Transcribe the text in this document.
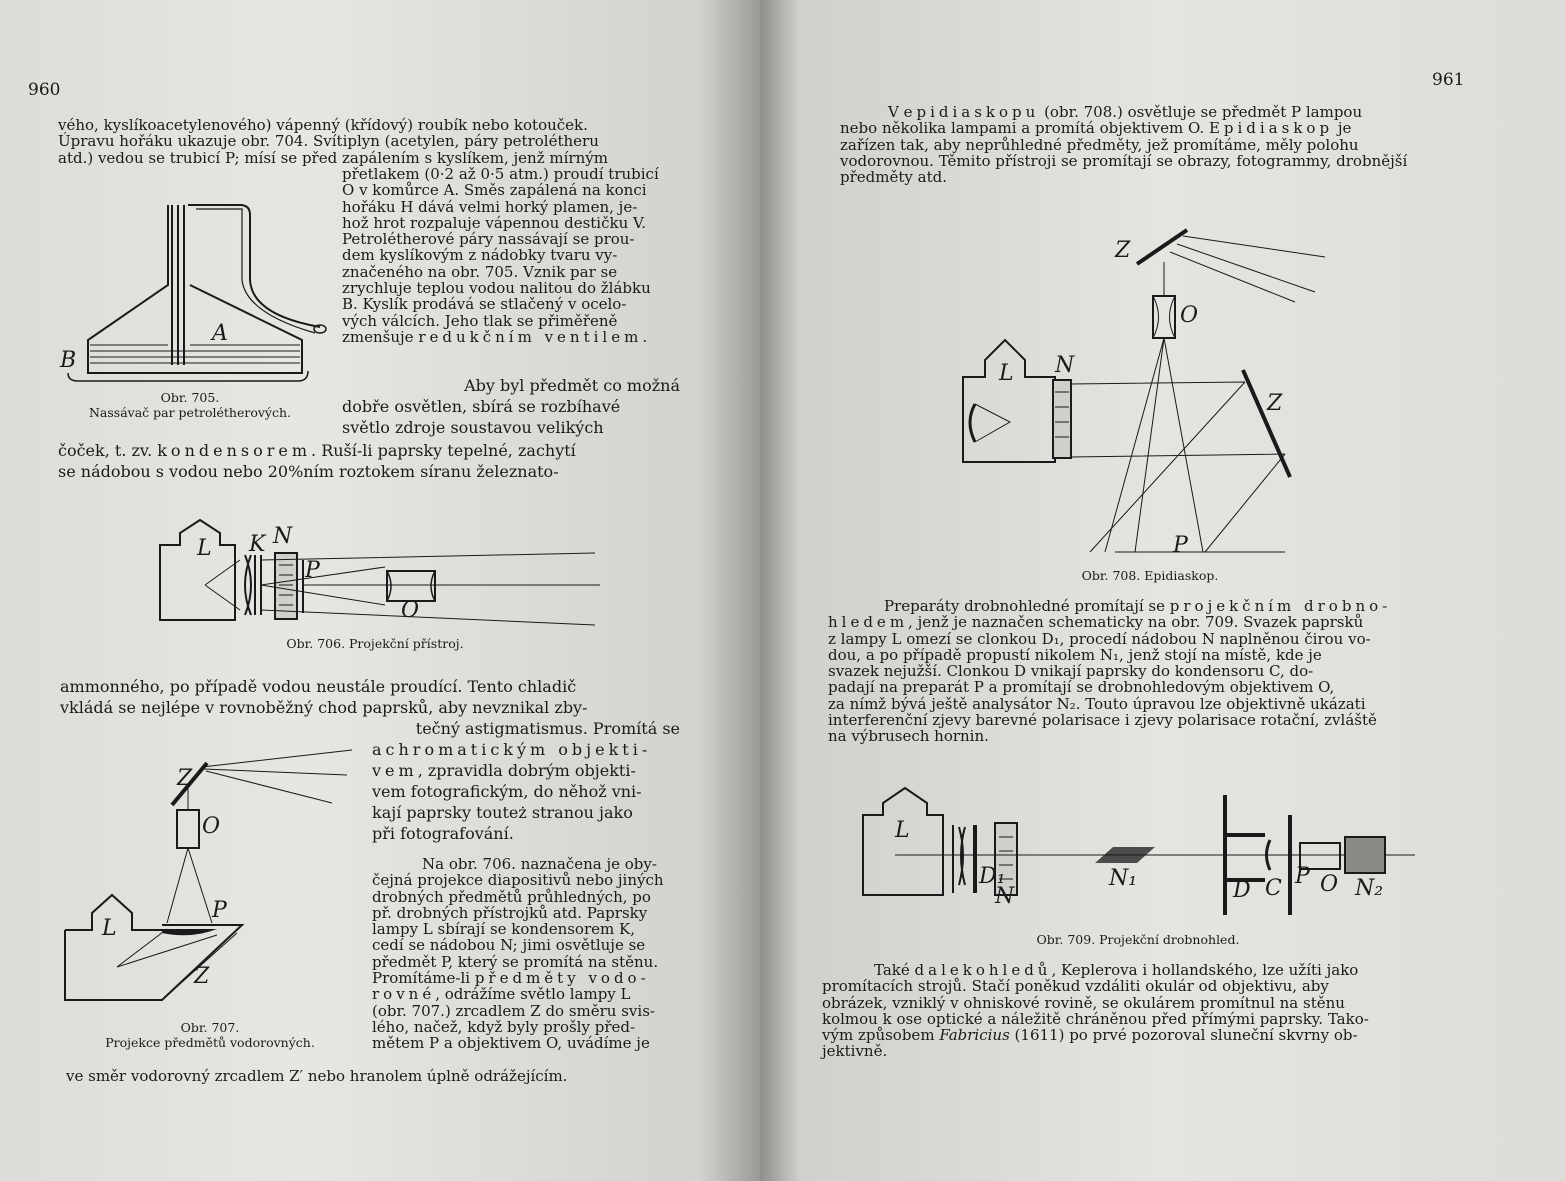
960
vého, kyslíkoacetylenového) vápenný (křídový) roubík nebo kotouček.
Úpravu hořáku ukazuje obr. 704. Svítiplyn (acetylen, páry petrolétheru
atd.) vedou se trubicí P; mísí se před zapálením s kyslíkem, jenž mírným
přetlakem (0·2 až 0·5 atm.) proudí trubicí
O v komůrce A. Směs zapálená na konci
hořáku H dává velmi horký plamen, je-
hož hrot rozpaluje vápennou destičku V.
Petrolétherové páry nassávají se prou-
dem kyslíkovým z nádobky tvaru vy-
značeného na obr. 705. Vznik par se
zrychluje teplou vodou nalitou do žlábku
B. Kyslík prodává se stlačený v ocelo-
vých válcích. Jeho tlak se přiměřeně
zmenšuje redukčním ventilem.
A
B
Obr. 705.
Nassávač par petrolétherových.
Aby byl předmět co možná
dobře osvětlen, sbírá se rozbíhavé
světlo zdroje soustavou velikých
čoček, t. zv. kondensorem. Ruší-li paprsky tepelné, zachytí
se nádobou s vodou nebo 20%ním roztokem síranu železnato-
L K N
P
O
Obr. 706. Projekční přístroj.
ammonného, po případě vodou neustále proudící. Tento chladič
vkládá se nejlépe v rovnoběžný chod paprsků, aby nevznikal zby-
tečný astigmatismus. Promítá se
achromatickým objekti-
vem, zpravidla dobrým objekti-
vem fotografickým, do něhož vni-
kají paprsky touteż stranou jako
při fotografování.
Z
O
P
L
Z
Obr. 707.
Projekce předmětů vodorovných.
Na obr. 706. naznačena je oby-
čejná projekce diapositivů nebo jiných
drobných předmětů průhledných, po
př. drobných přístrojků atd. Paprsky
lampy L sbírají se kondensorem K,
cedí se nádobou N; jimi osvětluje se
předmět P, který se promítá na stěnu.
Promítáme-li předměty vodo-
rovné, odrážíme světlo lampy L
(obr. 707.) zrcadlem Z do směru svis-
lého, načež, když byly prošly před-
mětem P a objektivem O, uvádíme je
ve směr vodorovný zrcadlem Z′ nebo hranolem úplně odrážejícím.
961
V epidiaskopu (obr. 708.) osvětluje se předmět P lampou
nebo několika lampami a promítá objektivem O. Epidiaskop je
zařízen tak, aby neprůhledné předměty, jež promítáme, měly polohu
vodorovnou. Těmito přístroji se promítají se obrazy, fotogrammy, drobnější
předměty atd.
Z
O
L N
Z
P
Obr. 708. Epidiaskop.
Preparáty drobnohledné promítají se projekčním drobno-
hledem, jenž je naznačen schematicky na obr. 709. Svazek paprsků
z lampy L omezí se clonkou D₁, procedí nádobou N naplněnou čirou vo-
dou, a po případě propustí nikolem N₁, jenž stojí na místě, kde je
svazek nejužší. Clonkou D vnikají paprsky do kondensoru C, do-
padají na preparát P a promítají se drobnohledovým objektivem O,
za nímž bývá ještě analysátor N₂. Touto úpravou lze objektivně ukázati
interferenční zjevy barevné polarisace i zjevy polarisace rotační, zvláště
na výbrusech hornin.
L
D₁
N
N₁	D C P O N₂
Obr. 709. Projekční drobnohled.
Také dalekohledů, Keplerova i hollandského, lze užíti jako
promítacích strojů. Stačí poněkud vzdáliti okulár od objektivu, aby
obrázek, vzniklý v ohniskové rovině, se okulárem promítnul na stěnu
kolmou k ose optické a náležitě chráněnou před přímými paprsky. Tako-
vým způsobem Fabricius (1611) po prvé pozoroval sluneční skvrny ob-
jektivně.
